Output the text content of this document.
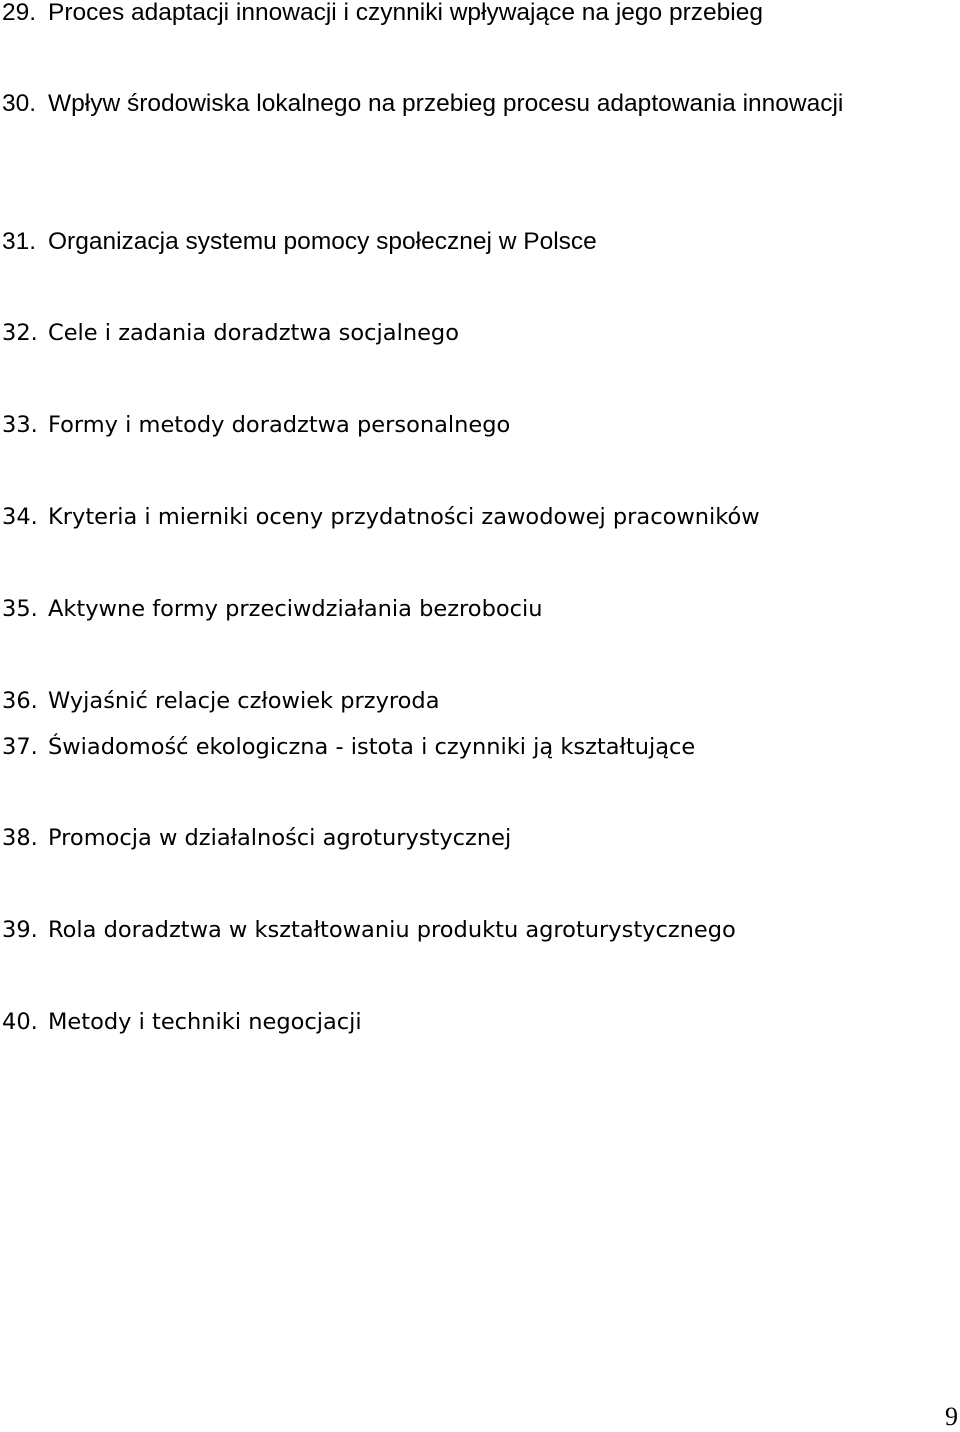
29. Proces adaptacji innowacji i czynniki wpływające na jego przebieg
30. Wpływ środowiska lokalnego na przebieg procesu adaptowania innowacji
31. Organizacja systemu pomocy społecznej w Polsce
32. Cele i zadania doradztwa socjalnego
33. Formy i metody doradztwa personalnego
34. Kryteria i mierniki oceny przydatności zawodowej pracowników
35. Aktywne formy przeciwdziałania bezrobociu
36. Wyjaśnić relacje człowiek przyroda
37. Świadomość ekologiczna - istota i czynniki ją kształtujące
38. Promocja w działalności agroturystycznej
39. Rola doradztwa w kształtowaniu produktu agroturystycznego
40. Metody i techniki negocjacji
9
